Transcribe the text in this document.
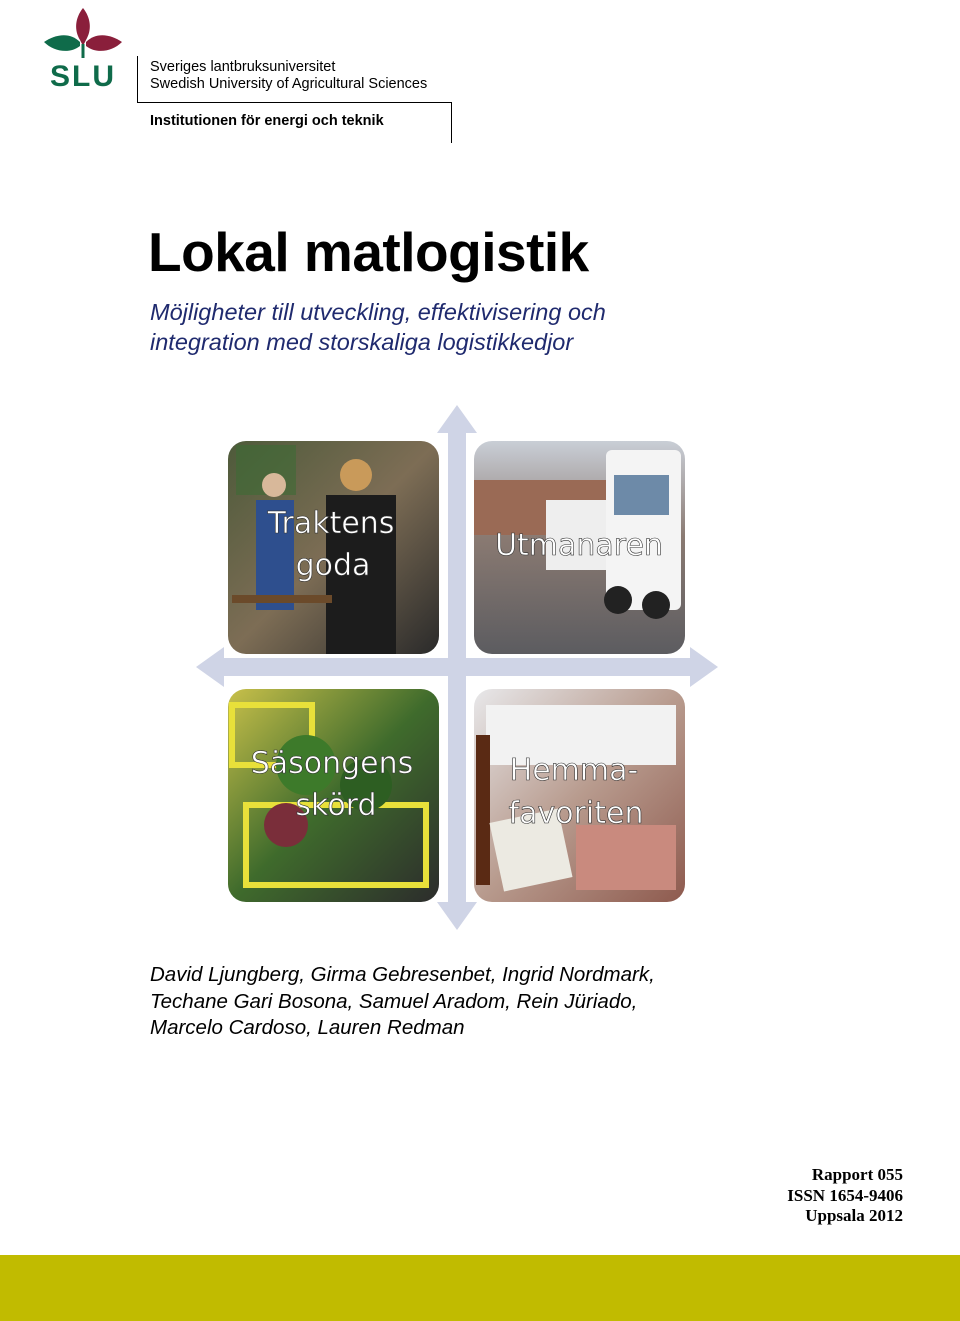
SLU Sveriges lantbruksuniversitet
Swedish University of Agricultural Sciences
Institutionen för energi och teknik
Lokal matlogistik
Möjligheter till utveckling, effektivisering och
integration med storskaliga logistikkedjor
Traktens
goda
Utmanaren
Säsongens
skörd
Hemma-
favoriten
David Ljungberg, Girma Gebresenbet, Ingrid Nordmark,
Techane Gari Bosona, Samuel Aradom, Rein Jüriado,
Marcelo Cardoso, Lauren Redman
Rapport 055
ISSN 1654-9406
Uppsala 2012
